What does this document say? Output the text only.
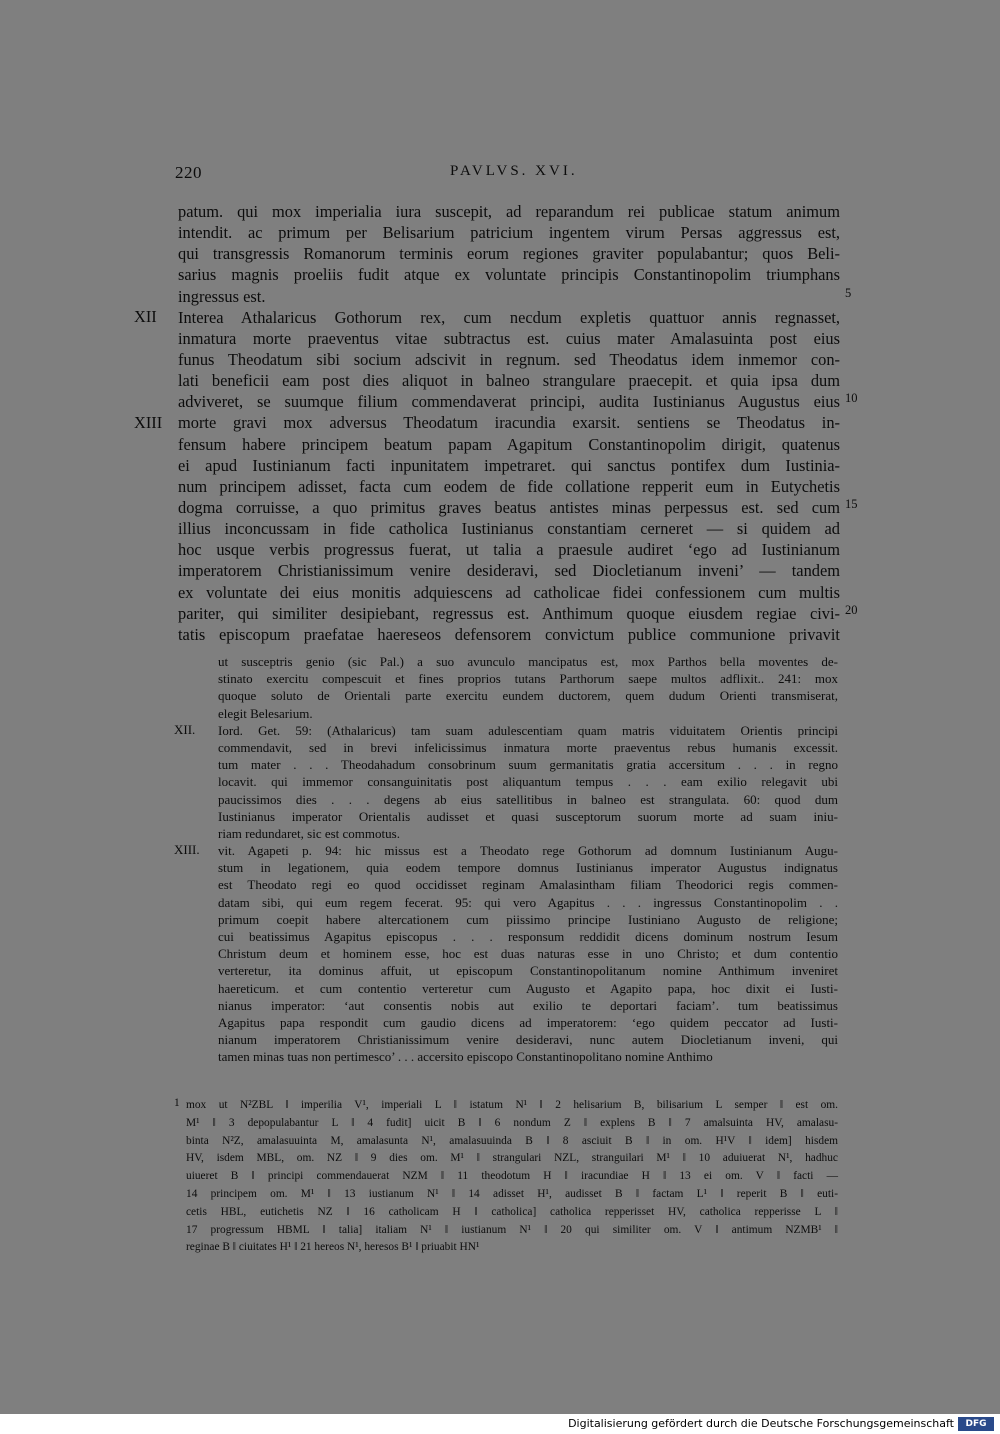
220	PAVLVS. XVI.
patum. qui mox imperialia iura suscepit, ad reparandum rei publicae statum animum
intendit. ac primum per Belisarium patricium ingentem virum Persas aggressus est,
qui transgressis Romanorum terminis eorum regiones graviter populabantur; quos Beli-
sarius magnis proeliis fudit atque ex voluntate principis Constantinopolim triumphans
ingressus est.	5
Interea Athalaricus Gothorum rex, cum necdum expletis quattuor annis regnasset,
XII
inmatura morte praeventus vitae subtractus est. cuius mater Amalasuinta post eius
funus Theodatum sibi socium adscivit in regnum. sed Theodatus idem inmemor con-
lati beneficii eam post dies aliquot in balneo strangulare praecepit. et quia ipsa dum
adviveret, se suumque filium commendaverat principi, audita Iustinianus Augustus eius 10
morte gravi mox adversus Theodatum iracundia exarsit. sentiens se Theodatus in-
XIII
fensum habere principem beatum papam Agapitum Constantinopolim dirigit, quatenus
ei apud Iustinianum facti inpunitatem impetraret. qui sanctus pontifex dum Iustinia-
num principem adisset, facta cum eodem de fide collatione repperit eum in Eutychetis
dogma corruisse, a quo primitus graves beatus antistes minas perpessus est. sed cum 15
illius inconcussam in fide catholica Iustinianus constantiam cerneret — si quidem ad
hoc usque verbis progressus fuerat, ut talia a praesule audiret ‘ego ad Iustinianum
imperatorem Christianissimum venire desideravi, sed Diocletianum inveni’ — tandem
ex voluntate dei eius monitis adquiescens ad catholicae fidei confessionem cum multis
pariter, qui similiter desipiebant, regressus est. Anthimum quoque eiusdem regiae civi- 20
tatis episcopum praefatae haereseos defensorem convictum publice communione privavit
ut susceptris genio (sic Pal.) a suo avunculo mancipatus est, mox Parthos bella moventes de-
stinato exercitu compescuit et fines proprios tutans Parthorum saepe multos adflixit.. 241: mox
quoque soluto de Orientali parte exercitu eundem ductorem, quem dudum Orienti transmiserat,
elegit Belesarium.
Iord. Get. 59: (Athalaricus) tam suam adulescentiam quam matris viduitatem Orientis principi
XII.
commendavit, sed in brevi infelicissimus inmatura morte praeventus rebus humanis excessit.
tum mater . . . Theodahadum consobrinum suum germanitatis gratia accersitum . . . in regno
locavit. qui immemor consanguinitatis post aliquantum tempus . . . eam exilio relegavit ubi
paucissimos dies . . . degens ab eius satellitibus in balneo est strangulata. 60: quod dum
Iustinianus imperator Orientalis audisset et quasi susceptorum suorum morte ad suam iniu-
riam redundaret, sic est commotus.
vit. Agapeti p. 94: hic missus est a Theodato rege Gothorum ad domnum Iustinianum Augu-
XIII.
stum in legationem, quia eodem tempore domnus Iustinianus imperator Augustus indignatus
est Theodato regi eo quod occidisset reginam Amalasintham filiam Theodorici regis commen-
datam sibi, qui eum regem fecerat. 95: qui vero Agapitus . . . ingressus Constantinopolim . .
primum coepit habere altercationem cum piissimo principe Iustiniano Augusto de religione;
cui beatissimus Agapitus episcopus . . . responsum reddidit dicens dominum nostrum Iesum
Christum deum et hominem esse, hoc est duas naturas esse in uno Christo; et dum contentio
verteretur, ita dominus affuit, ut episcopum Constantinopolitanum nomine Anthimum inveniret
haereticum. et cum contentio verteretur cum Augusto et Agapito papa, hoc dixit ei Iusti-
nianus imperator: ‘aut consentis nobis aut exilio te deportari faciam’. tum beatissimus
Agapitus papa respondit cum gaudio dicens ad imperatorem: ‘ego quidem peccator ad Iusti-
nianum imperatorem Christianissimum venire desideravi, nunc autem Diocletianum inveni, qui
tamen minas tuas non pertimesco’ . . . accersito episcopo Constantinopolitano nomine Anthimo
mox ut N²ZBL ‖ imperilia V¹, imperiali L ‖ istatum N¹ ‖ 2 helisarium B, bilisarium L semper ‖ est om.
1
M¹ ‖ 3 depopulabantur L ‖ 4 fudit] uicit B ‖ 6 nondum Z ‖ explens B ‖ 7 amalsuinta HV, amalasu-
binta N²Z, amalasuuinta M, amalasunta N¹, amalasuuinda B ‖ 8 asciuit B ‖ in om. H¹V ‖ idem] hisdem
HV, isdem MBL, om. NZ ‖ 9 dies om. M¹ ‖ strangulari NZL, stranguilari M¹ ‖ 10 aduiuerat N¹, hadhuc
uiueret B ‖ principi commendauerat NZM ‖ 11 theodotum H ‖ iracundiae H ‖ 13 ei om. V ‖ facti —
14 principem om. M¹ ‖ 13 iustianum N¹ ‖ 14 adisset H¹, audisset B ‖ factam L¹ ‖ reperit B ‖ euti-
cetis HBL, eutichetis NZ ‖ 16 catholicam H ‖ catholica] catholica repperisset HV, catholica repperisse L ‖
17 progressum HBML ‖ talia] italiam N¹ ‖ iustianum N¹ ‖ 20 qui similiter om. V ‖ antimum NZMB¹ ‖
reginae B ‖ ciuitates H¹ ‖ 21 hereos N¹, heresos B¹ ‖ priuabit HN¹
Digitalisierung gefördert durch die Deutsche Forschungsgemeinschaft	DFG
